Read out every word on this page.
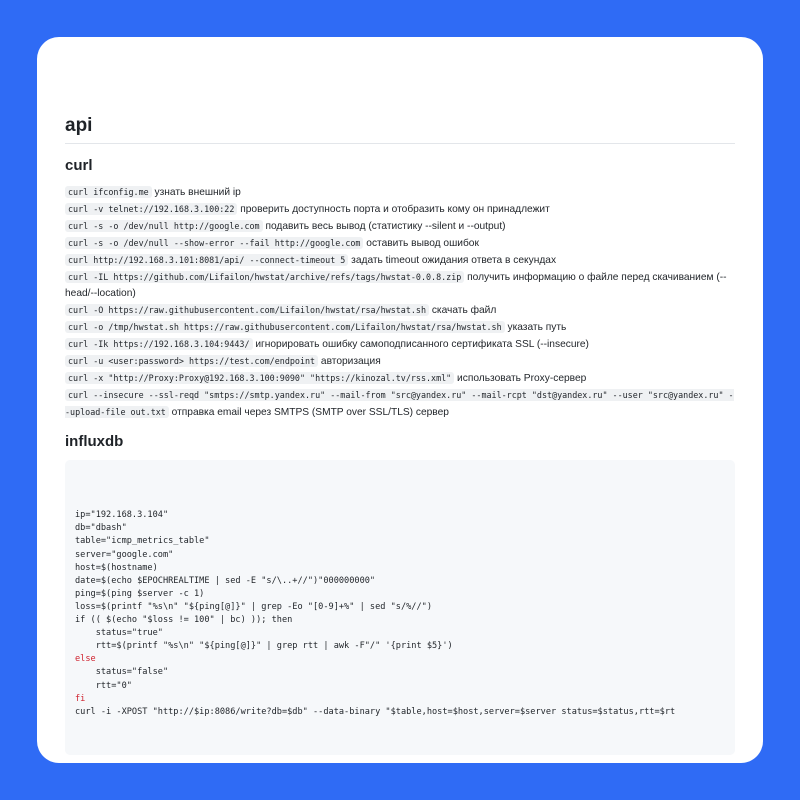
api
curl
curl ifconfig.me узнать внешний ip
curl -v telnet://192.168.3.100:22 проверить доступность порта и отобразить кому он принадлежит
curl -s -o /dev/null http://google.com подавить весь вывод (статистику --silent и --output)
curl -s -o /dev/null --show-error --fail http://google.com оставить вывод ошибок
curl http://192.168.3.101:8081/api/ --connect-timeout 5 задать timeout ожидания ответа в секундах
curl -IL https://github.com/Lifailon/hwstat/archive/refs/tags/hwstat-0.0.8.zip получить информацию о файле перед скачиванием (--head/--location)
curl -O https://raw.githubusercontent.com/Lifailon/hwstat/rsa/hwstat.sh скачать файл
curl -o /tmp/hwstat.sh https://raw.githubusercontent.com/Lifailon/hwstat/rsa/hwstat.sh указать путь
curl -Ik https://192.168.3.104:9443/ игнорировать ошибку самоподписанного сертификата SSL (--insecure)
curl -u <user:password> https://test.com/endpoint авторизация
curl -x "http://Proxy:Proxy@192.168.3.100:9090" "https://kinozal.tv/rss.xml" использовать Proxy-сервер
curl --insecure --ssl-reqd "smtps://smtp.yandex.ru" --mail-from "src@yandex.ru" --mail-rcpt "dst@yandex.ru" --user "src@yandex.ru" --upload-file out.txt отправка email через SMTPS (SMTP over SSL/TLS) сервер
influxdb

ip="192.168.3.104"
db="dbash"
table="icmp_metrics_table"
server="google.com"
host=$(hostname)
date=$(echo $EPOCHREALTIME | sed -E "s/\..+//")"000000000"
ping=$(ping $server -c 1)
loss=$(printf "%s\n" "${ping[@]}" | grep -Eo "[0-9]+%" | sed "s/%//")
if (( $(echo "$loss != 100" | bc) )); then
status="true"
rtt=$(printf "%s\n" "${ping[@]}" | grep rtt | awk -F"/" '{print $5}')
else
status="false"
rtt="0"
fi
curl -i -XPOST "http://$ip:8086/write?db=$db" --data-binary "$table,host=$host,server=$server status=$status,rtt=$rt
